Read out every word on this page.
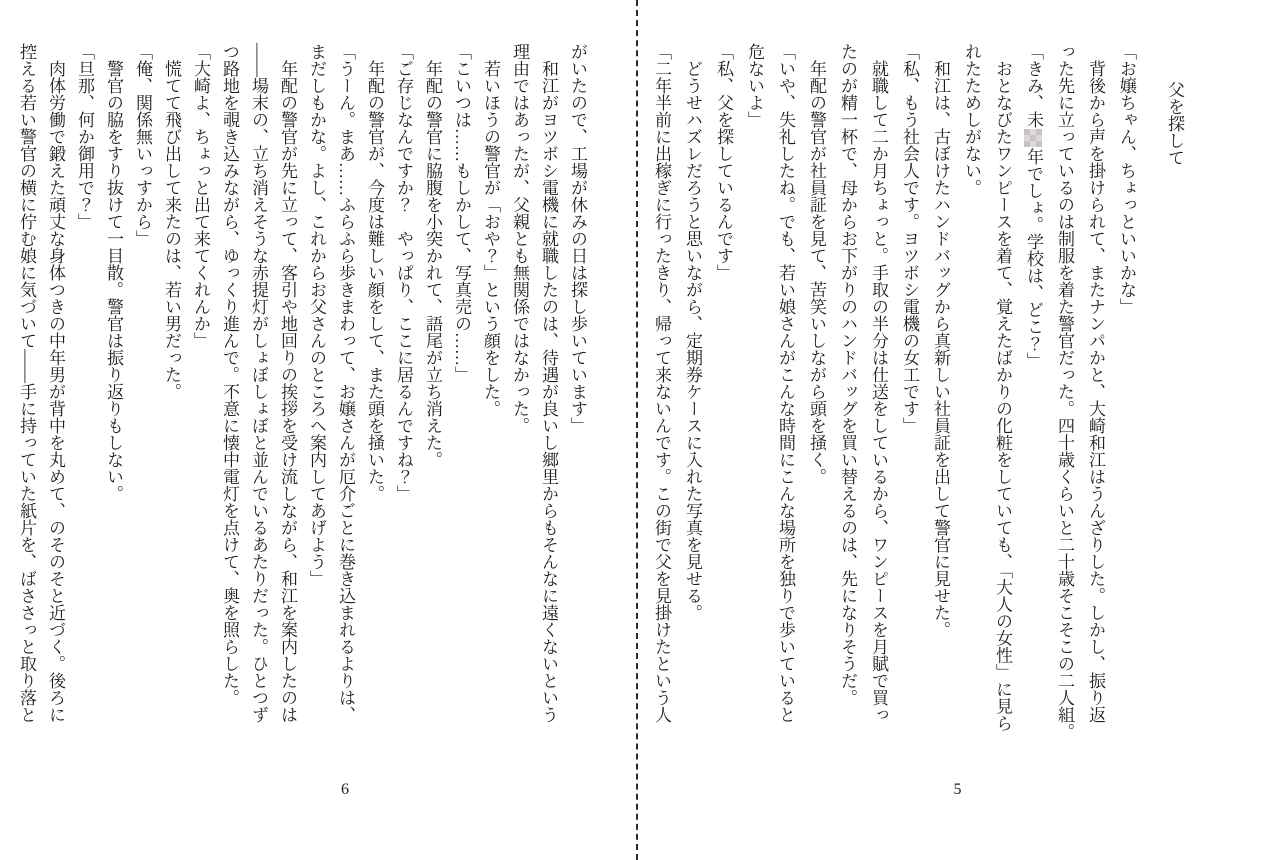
父を探して
「お嬢ちゃん、ちょっといいかな」
　背後から声を掛けられて、またナンパかと、大崎和江はうんざりした。しかし、振り返
った先に立っているのは制服を着た警官だった。四十歳くらいと二十歳そこそこの二人組。
「きみ、未年でしょ。学校は、どこ？」
　おとなびたワンピースを着て、覚えたばかりの化粧をしていても、「大人の女性」に見ら
れたためしがない。
　和江は、古ぼけたハンドバッグから真新しい社員証を出して警官に見せた。
「私、もう社会人です。ヨツボシ電機の女工です」
　就職して二か月ちょっと。手取の半分は仕送をしているから、ワンピースを月賦で買っ
たのが精一杯で、母からお下がりのハンドバッグを買い替えるのは、先になりそうだ。
　年配の警官が社員証を見て、苦笑いしながら頭を掻く。
「いや、失礼したね。でも、若い娘さんがこんな時間にこんな場所を独りで歩いていると
危ないよ」
「私、父を探しているんです」
　どうせハズレだろうと思いながら、定期券ケースに入れた写真を見せる。
「二年半前に出稼ぎに行ったきり、帰って来ないんです。この街で父を見掛けたという人
5
がいたので、工場が休みの日は探し歩いています」
　和江がヨツボシ電機に就職したのは、待遇が良いし郷里からもそんなに遠くないという
理由ではあったが、父親とも無関係ではなかった。
　若いほうの警官が「おや？」という顔をした。
「こいつは……もしかして、写真売の……」
　年配の警官に脇腹を小突かれて、語尾が立ち消えた。
「ご存じなんですか？　やっぱり、ここに居るんですね？」
　年配の警官が、今度は難しい顔をして、また頭を掻いた。
「うーん。まあ……ふらふら歩きまわって、お嬢さんが厄介ごとに巻き込まれるよりは、
まだしもかな。よし、これからお父さんのところへ案内してあげよう」
　年配の警官が先に立って、客引や地回りの挨拶を受け流しながら、和江を案内したのは
――場末の、立ち消えそうな赤提灯がしょぼしょぼと並んでいるあたりだった。ひとつず
つ路地を覗き込みながら、ゆっくり進んで。不意に懐中電灯を点けて、奥を照らした。
「大崎よ、ちょっと出て来てくれんか」
　慌てて飛び出して来たのは、若い男だった。
「俺、関係無いっすから」
　警官の脇をすり抜けて一目散。警官は振り返りもしない。
「旦那、何か御用で？」
　肉体労働で鍛えた頑丈な身体つきの中年男が背中を丸めて、のそのそと近づく。後ろに
控える若い警官の横に佇む娘に気づいて――手に持っていた紙片を、ばささっと取り落と
6
